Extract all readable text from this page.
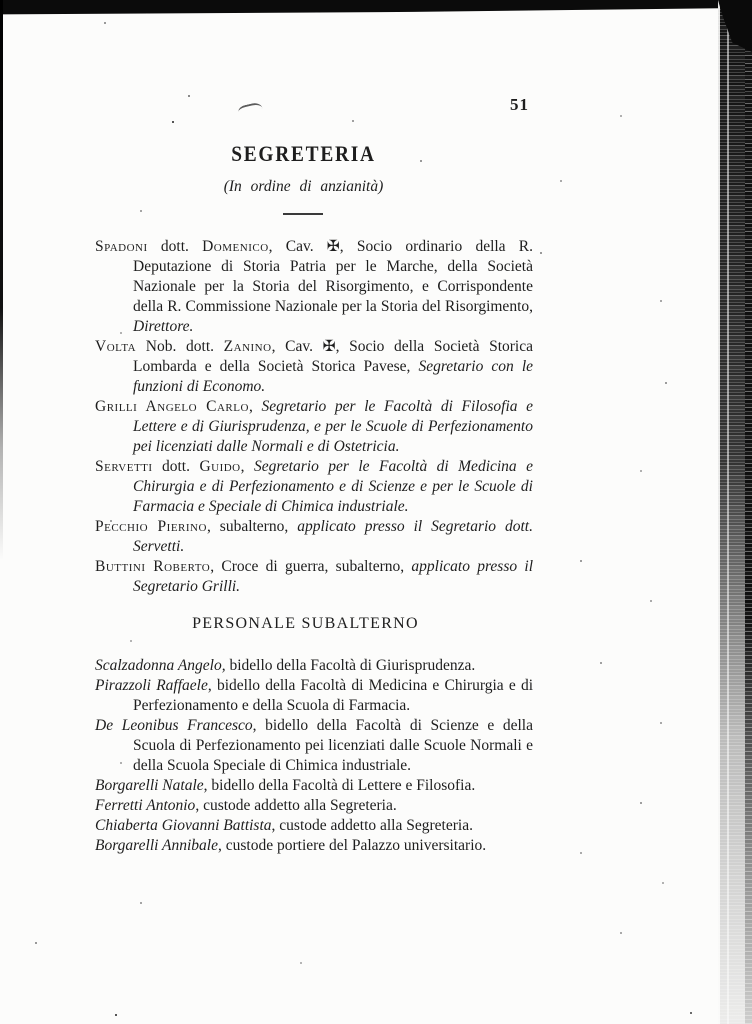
51
SEGRETERIA
(In ordine di anzianità)

Spadoni dott. Domenico, Cav. ✠, Socio ordinario della R. Deputazione di Storia Patria per le Marche, della Società Nazionale per la Storia del Risorgimento, e Corrispondente della R. Commissione Nazionale per la Storia del Risorgimento, Direttore.

Volta Nob. dott. Zanino, Cav. ✠, Socio della Società Storica Lombarda e della Società Storica Pavese, Segretario con le funzioni di Economo.

Grilli Angelo Carlo, Segretario per le Facoltà di Filosofia e Lettere e di Giurisprudenza, e per le Scuole di Perfezionamento pei licenziati dalle Normali e di Ostetricia.

Servetti dott. Guido, Segretario per le Facoltà di Medicina e Chirurgia e di Perfezionamento e di Scienze e per le Scuole di Farmacia e Speciale di Chimica industriale.

Pecchio Pierino, subalterno, applicato presso il Segretario dott. Servetti.

Buttini Roberto, Croce di guerra, subalterno, applicato presso il Segretario Grilli.

PERSONALE SUBALTERNO

Scalzadonna Angelo, bidello della Facoltà di Giurisprudenza.

Pirazzoli Raffaele, bidello della Facoltà di Medicina e Chirurgia e di Perfezionamento e della Scuola di Farmacia.

De Leonibus Francesco, bidello della Facoltà di Scienze e della Scuola di Perfezionamento pei licenziati dalle Scuole Normali e della Scuola Speciale di Chimica industriale.

Borgarelli Natale, bidello della Facoltà di Lettere e Filosofia.

Ferretti Antonio, custode addetto alla Segreteria.

Chiaberta Giovanni Battista, custode addetto alla Segreteria.

Borgarelli Annibale, custode portiere del Palazzo universitario.
